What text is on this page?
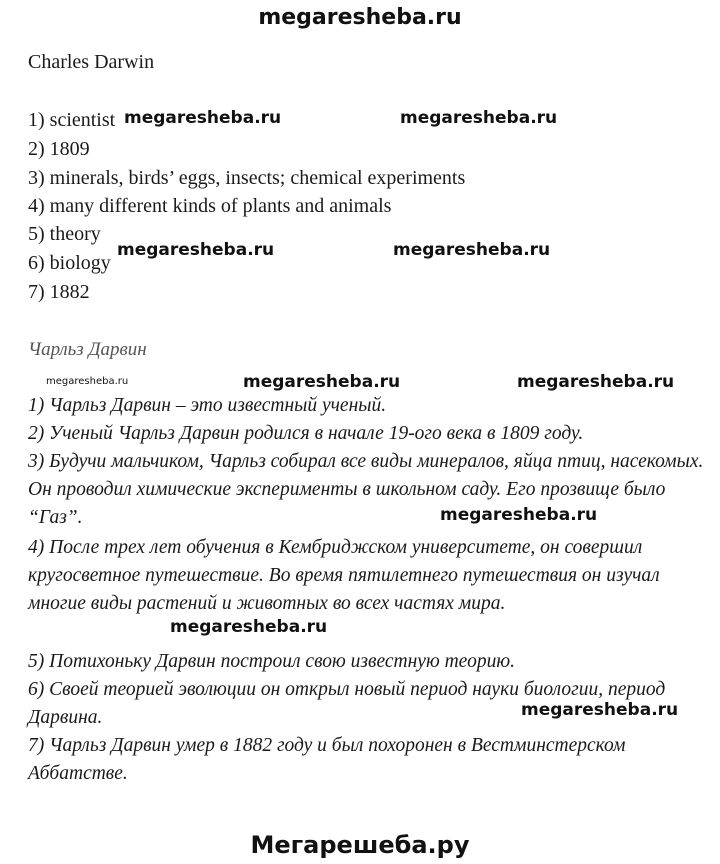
megaresheba.ru
Charles Darwin
1) scientist
2) 1809
3) minerals, birds’ eggs, insects; chemical experiments
4) many different kinds of plants and animals
5) theory
6) biology
7) 1882
Чарльз Дарвин
1) Чарльз Дарвин – это известный ученый.
2) Ученый Чарльз Дарвин родился в начале 19-ого века в 1809 году.
3) Будучи мальчиком, Чарльз собирал все виды минералов, яйца птиц, насекомых. Он проводил химические эксперименты в школьном саду. Его прозвище было “Газ”.
4) После трех лет обучения в Кембриджском университете, он совершил кругосветное путешествие. Во время пятилетнего путешествия он изучал многие виды растений и животных во всех частях мира.
5) Потихоньку Дарвин построил свою известную теорию.
6) Своей теорией эволюции он открыл новый период науки биологии, период Дарвина.
7) Чарльз Дарвин умер в 1882 году и был похоронен в Вестминстерском Аббатстве.
megaresheba.ru	megaresheba.ru
megaresheba.ru	megaresheba.ru
megaresheba.ru	megaresheba.ru	megaresheba.ru
megaresheba.ru
megaresheba.ru
megaresheba.ru
Мегарешеба.ру
